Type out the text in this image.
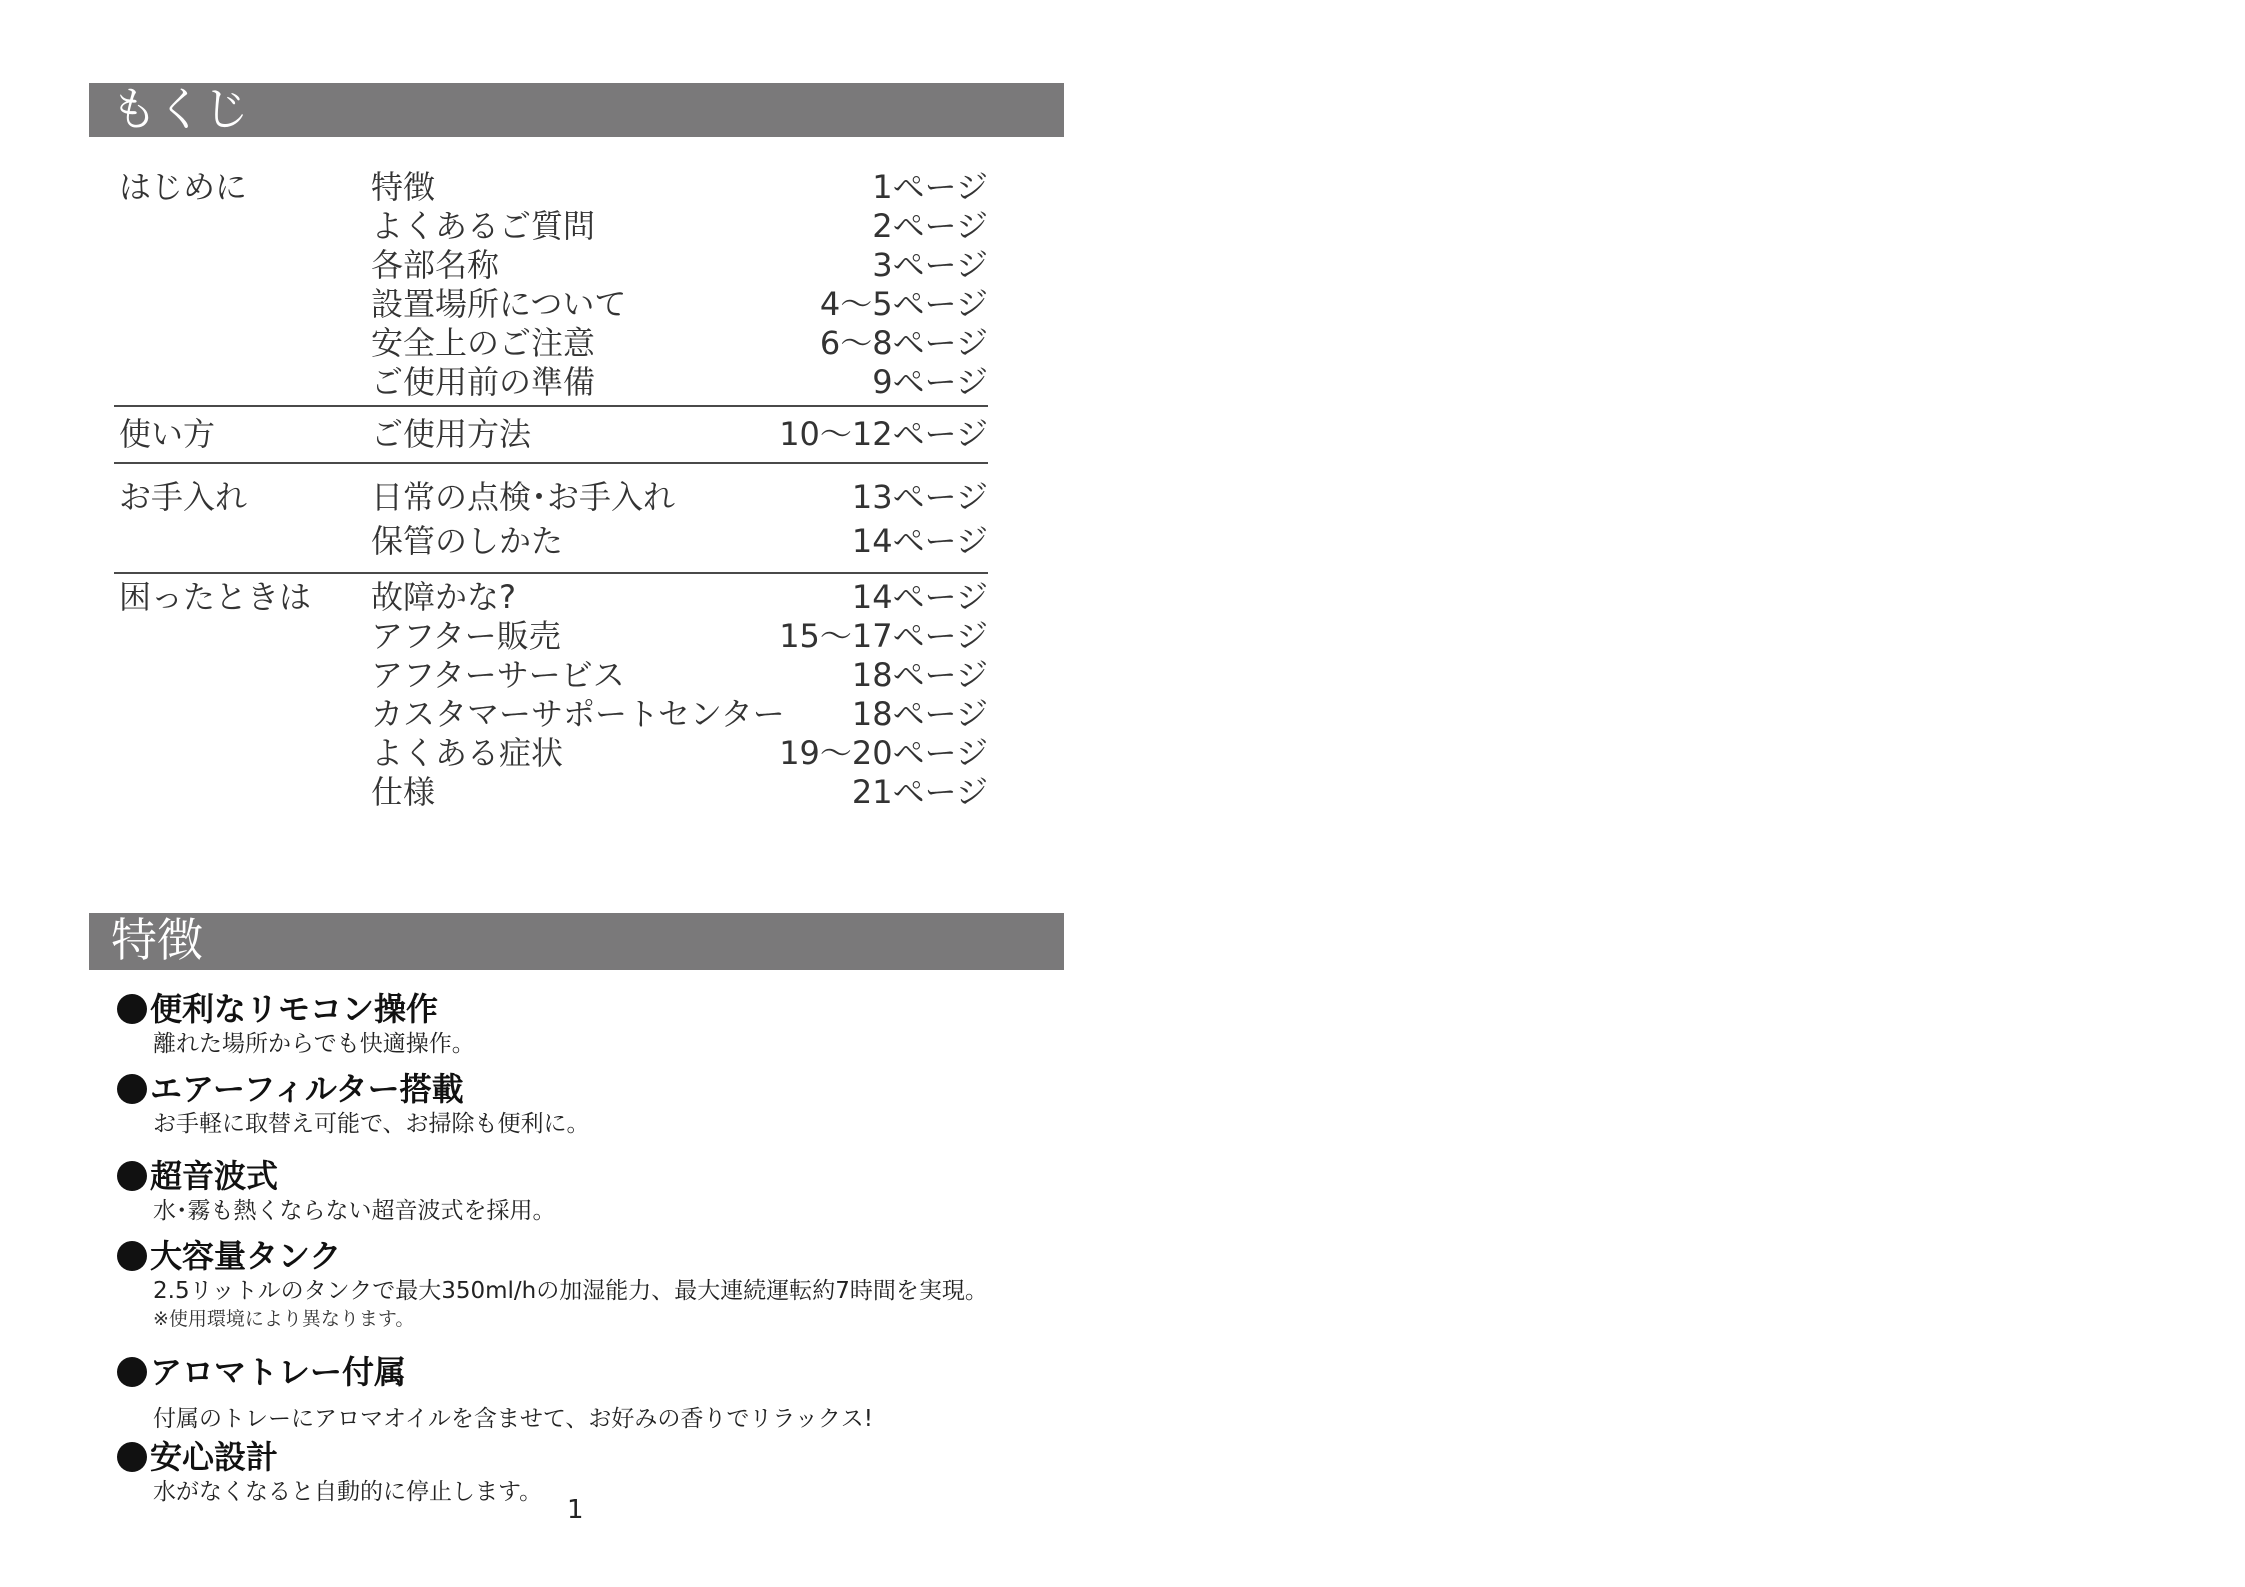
もくじ
はじめに	特徴	1ページ
よくあるご質問	2ページ
各部名称	3ページ
設置場所について	4〜5ページ
安全上のご注意	6〜8ページ
ご使用前の準備	9ページ
使い方	ご使用方法	10〜12ページ
お手入れ	日常の点検･お手入れ	13ページ
保管のしかた	14ページ
困ったときは 故障かな?	14ページ
アフター販売	15〜17ページ
アフターサービス	18ページ
カスタマーサポートセンター 18ページ
よくある症状	19〜20ページ
仕様	21ページ
特徴
便利なリモコン操作
離れた場所からでも快適操作。
エアーフィルター搭載
お手軽に取替え可能で、お掃除も便利に。
超音波式
水･霧も熱くならない超音波式を採用。
大容量タンク
2.5リットルのタンクで最大350ml/hの加湿能力、最大連続運転約7時間を実現。
※使用環境により異なります。
アロマトレー付属
付属のトレーにアロマオイルを含ませて、お好みの香りでリラックス!
安心設計
水がなくなると自動的に停止します。
1
